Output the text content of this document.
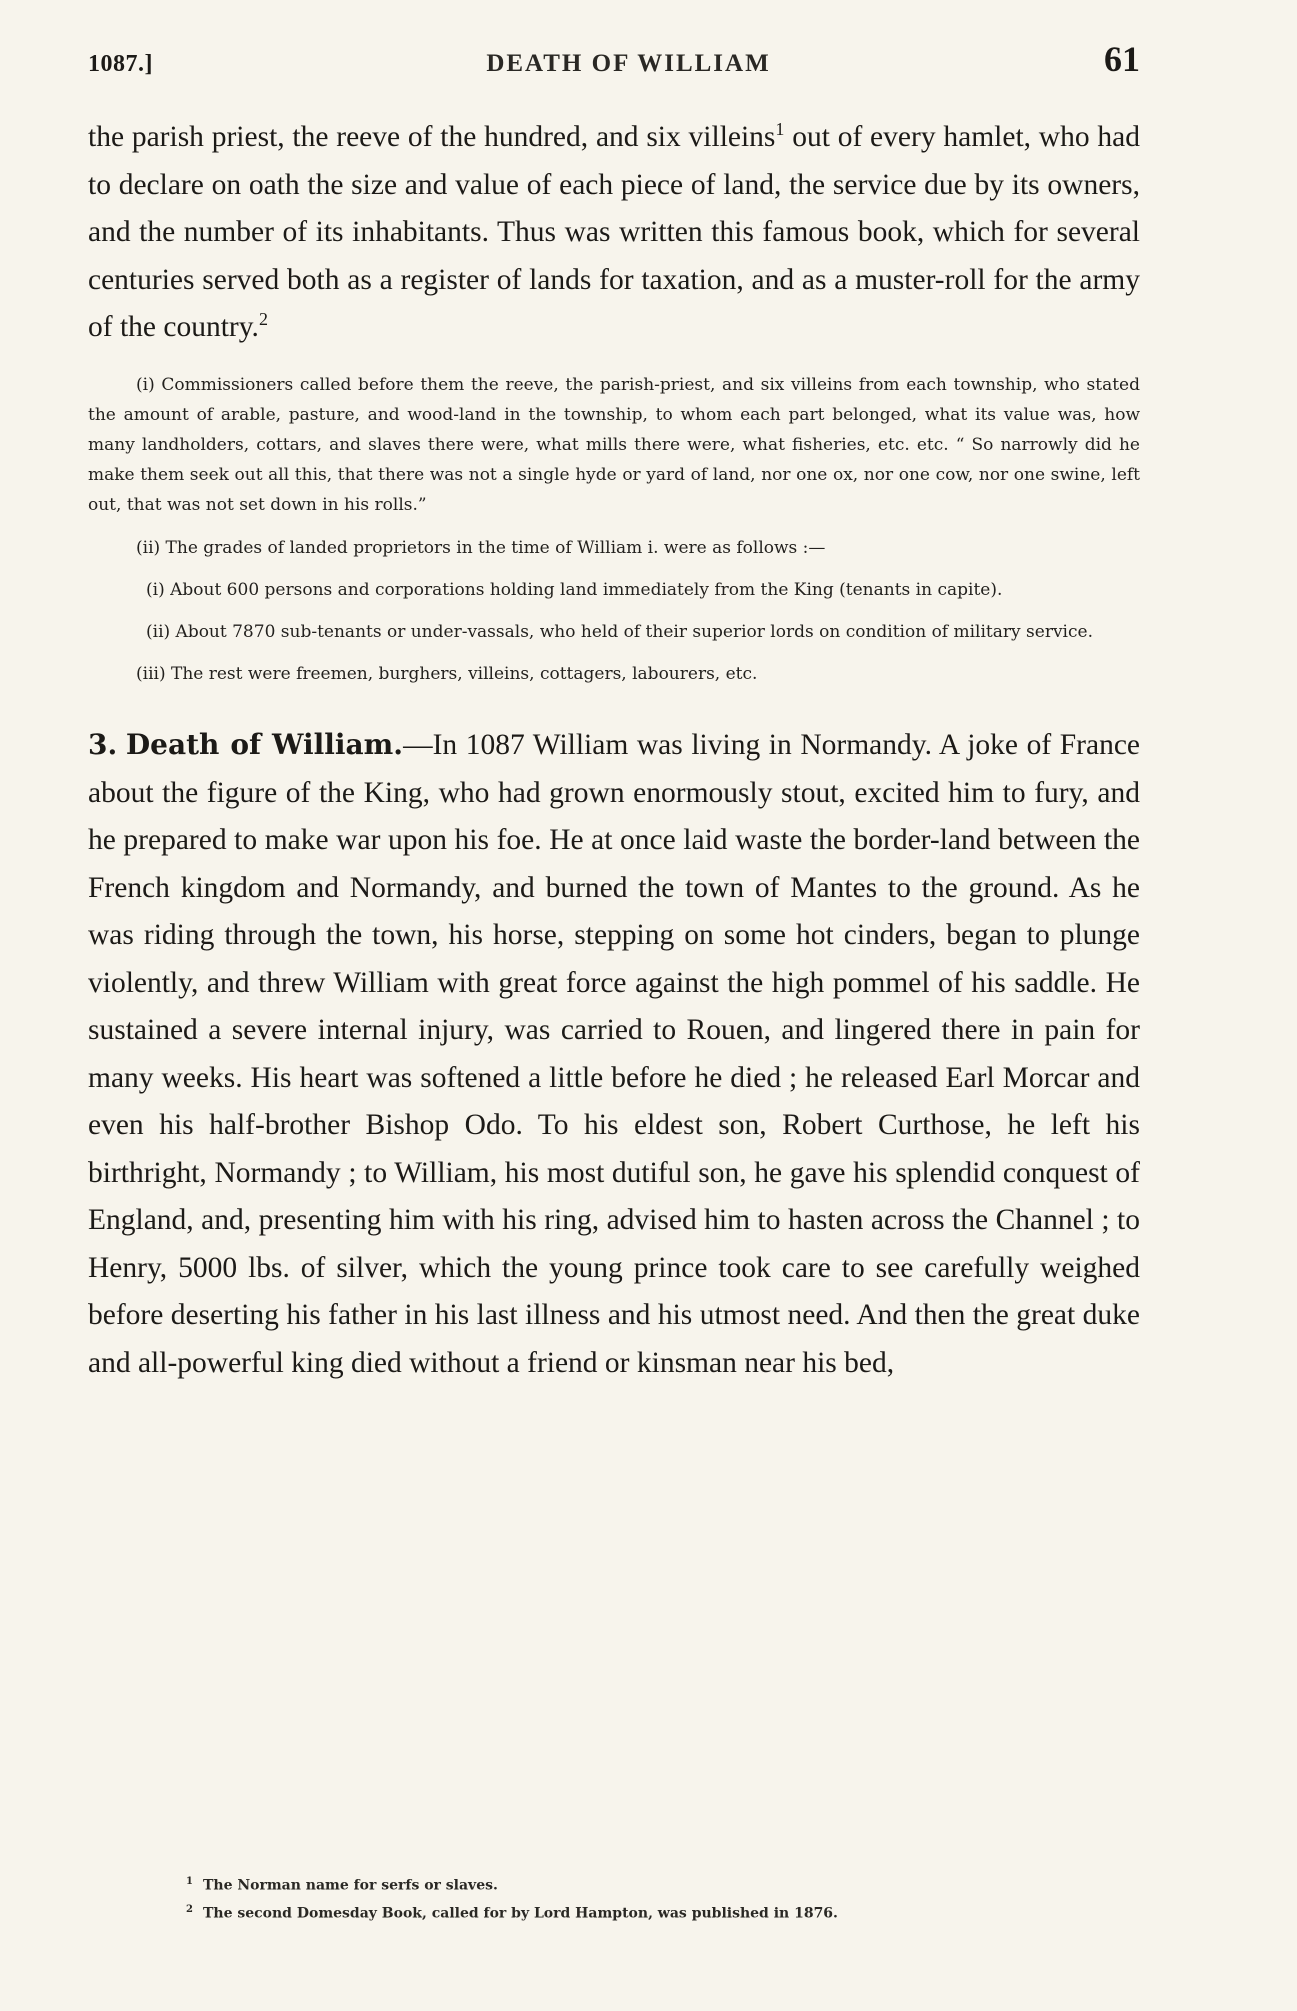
1087.]	DEATH OF WILLIAM	61

the parish priest, the reeve of the hundred, and six villeins$^1$ out of every hamlet, who had to declare on oath the size and value of each piece of land, the service due by its owners, and the number of its inhabitants. Thus was written this famous book, which for several centuries served both as a register of lands for taxation, and as a muster-roll for the army of the country.$^2$

(i) Commissioners called before them the reeve, the parish-priest, and six villeins from each township, who stated the amount of arable, pasture, and wood-land in the township, to whom each part belonged, what its value was, how many landholders, cottars, and slaves there were, what mills there were, what fisheries, etc. etc. “ So narrowly did he make them seek out all this, that there was not a single hyde or yard of land, nor one ox, nor one cow, nor one swine, left out, that was not set down in his rolls.”

(ii) The grades of landed proprietors in the time of William i. were as follows :—

(i) About 600 persons and corporations holding land immediately from the King (tenants in capite).

(ii) About 7870 sub-tenants or under-vassals, who held of their superior lords on condition of military service.

(iii) The rest were freemen, burghers, villeins, cottagers, labourers, etc.

3. Death of William.—In 1087 William was living in Normandy. A joke of France about the figure of the King, who had grown enormously stout, excited him to fury, and he prepared to make war upon his foe. He at once laid waste the border-land between the French kingdom and Normandy, and burned the town of Mantes to the ground. As he was riding through the town, his horse, stepping on some hot cinders, began to plunge violently, and threw William with great force against the high pommel of his saddle. He sustained a severe internal injury, was carried to Rouen, and lingered there in pain for many weeks. His heart was softened a little before he died ; he released Earl Morcar and even his half-brother Bishop Odo. To his eldest son, Robert Curthose, he left his birthright, Normandy ; to William, his most dutiful son, he gave his splendid conquest of England, and, presenting him with his ring, advised him to hasten across the Channel ; to Henry, 5000 lbs. of silver, which the young prince took care to see carefully weighed before deserting his father in his last illness and his utmost need. And then the great duke and all-powerful king died without a friend or kinsman near his bed,

$^1$ The Norman name for serfs or slaves.
$^2$ The second Domesday Book, called for by Lord Hampton, was published in 1876.
